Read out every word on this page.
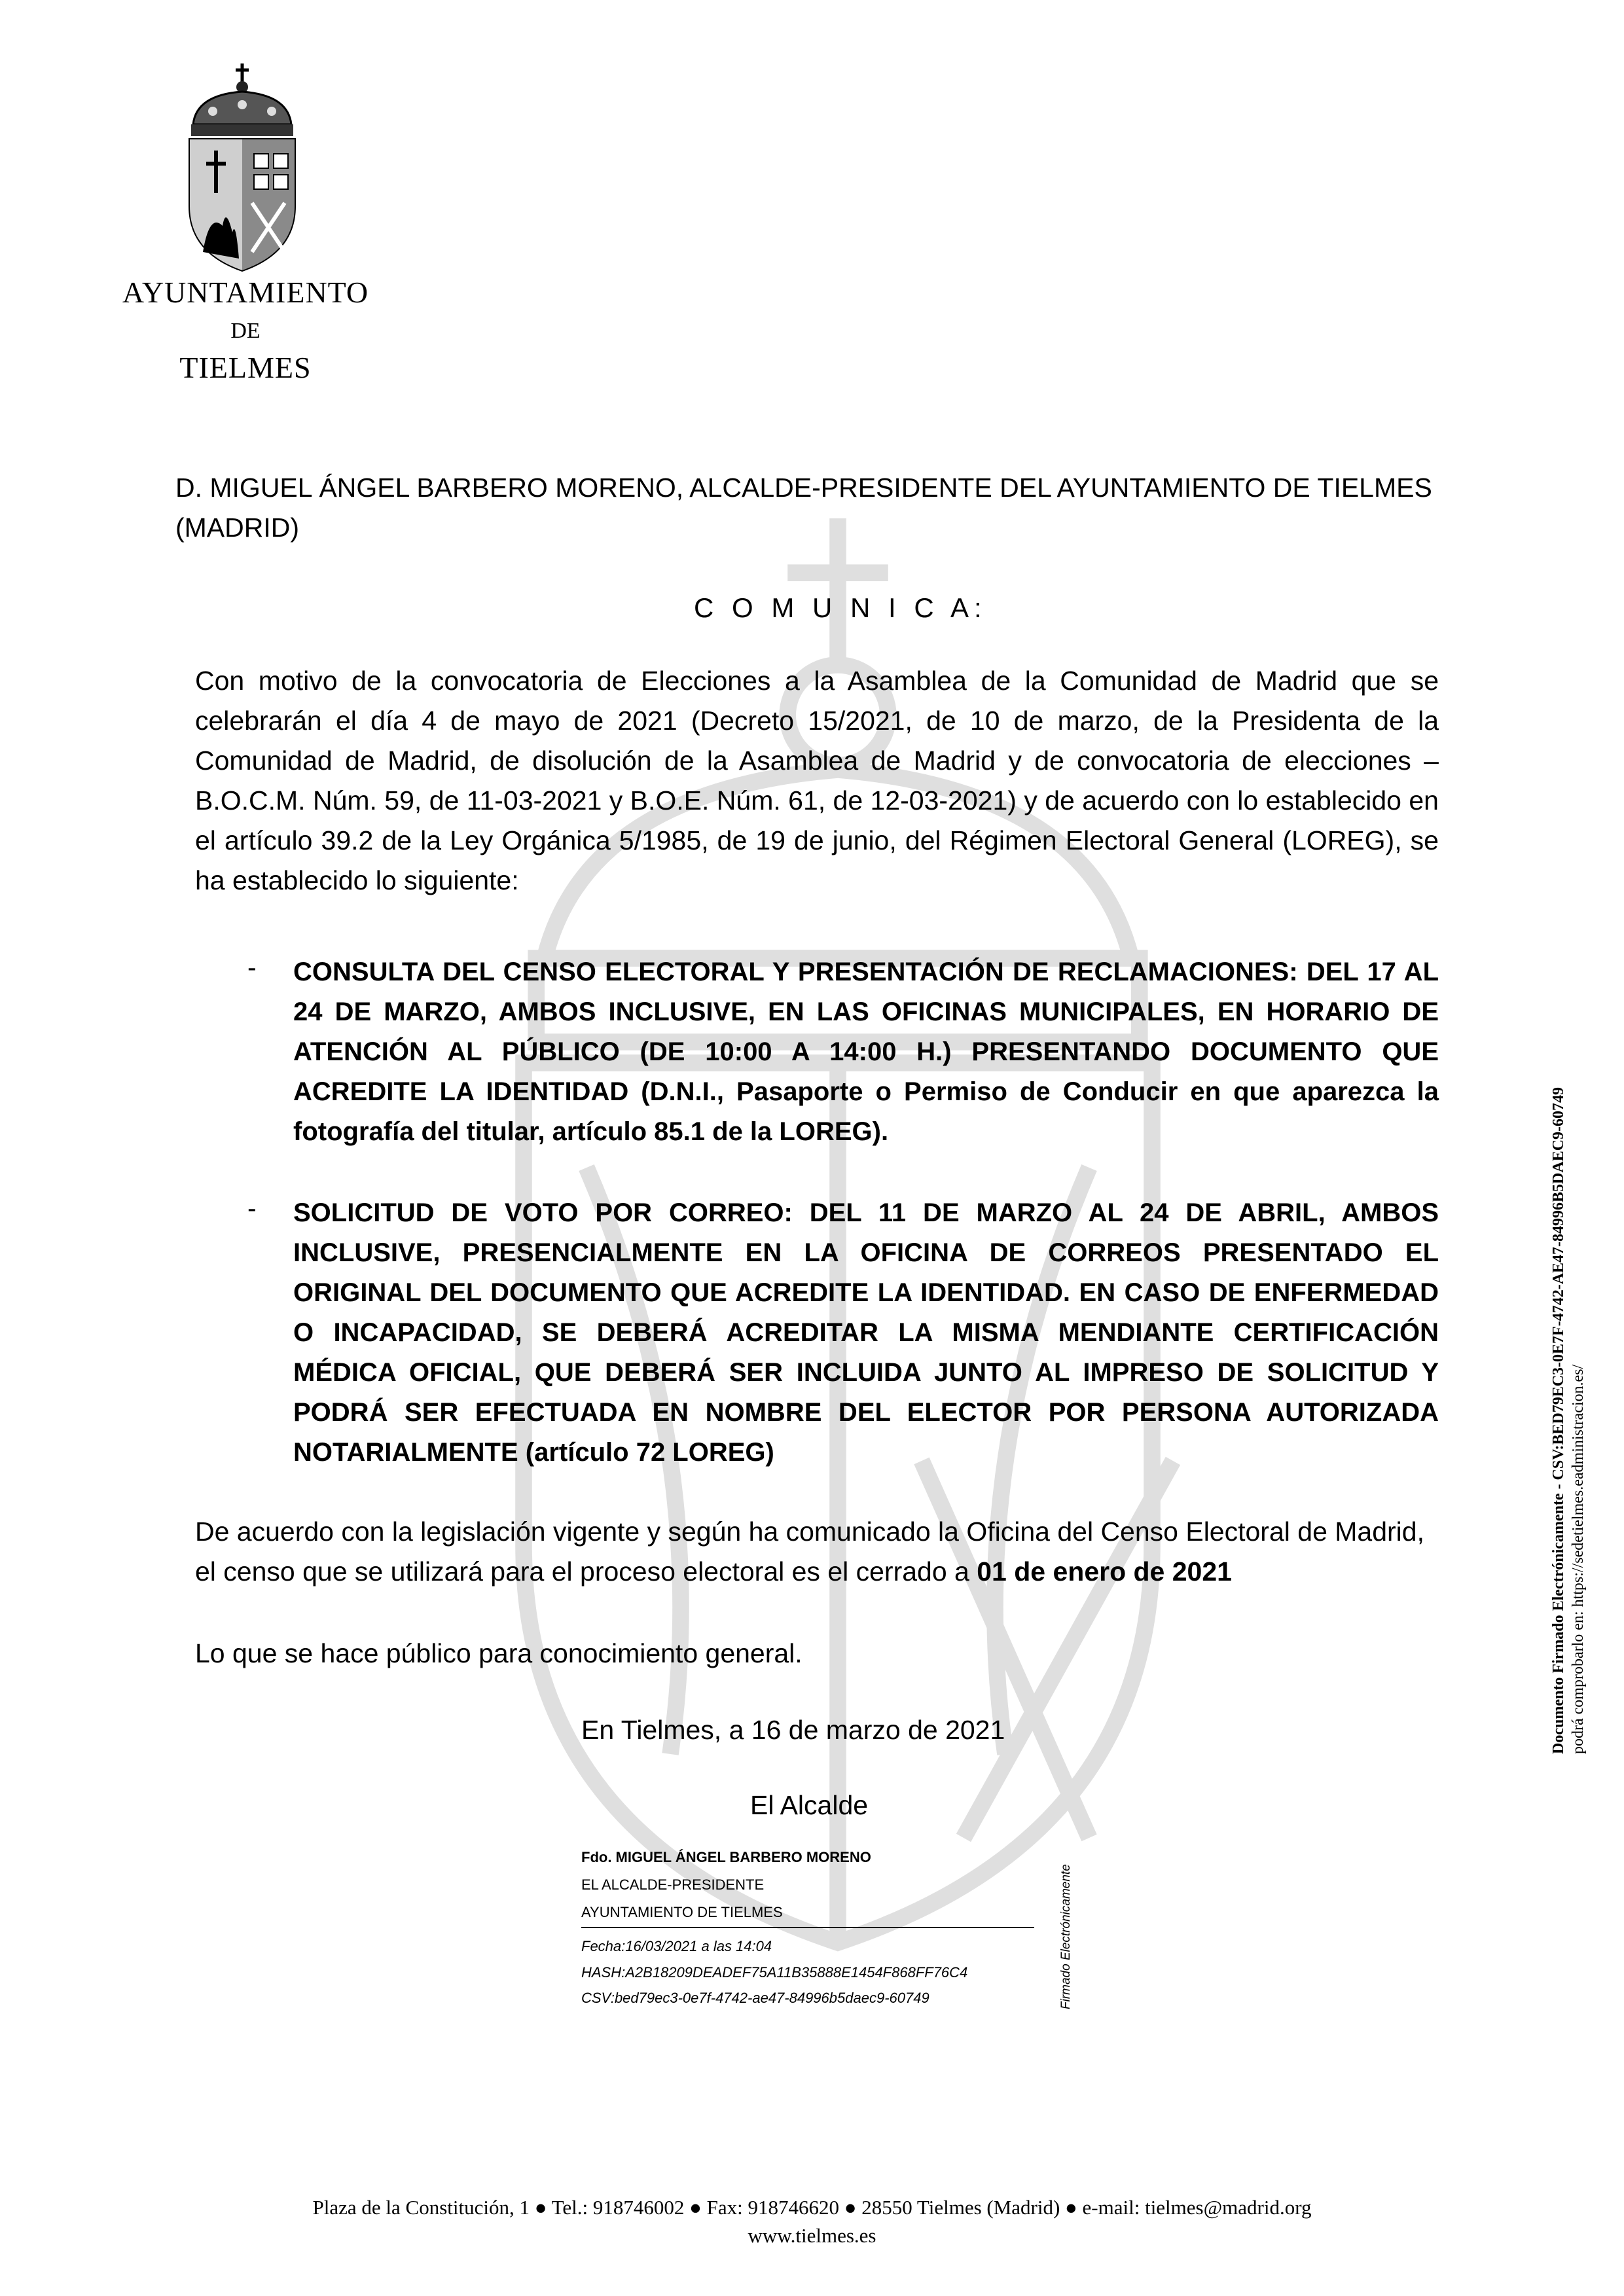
AYUNTAMIENTO
DE
TIELMES
D. MIGUEL ÁNGEL BARBERO MORENO, ALCALDE-PRESIDENTE DEL AYUNTAMIENTO DE TIELMES (MADRID)
C O M U N I C A:
Con motivo de la convocatoria de Elecciones a la Asamblea de la Comunidad de Madrid que se celebrarán el día 4 de mayo de 2021 (Decreto 15/2021, de 10 de marzo, de la Presidenta de la Comunidad de Madrid, de disolución de la Asamblea de Madrid y de convocatoria de elecciones – B.O.C.M. Núm. 59, de 11-03-2021 y B.O.E. Núm. 61, de 12-03-2021) y de acuerdo con lo establecido en el artículo 39.2 de la Ley Orgánica 5/1985, de 19 de junio, del Régimen Electoral General (LOREG), se ha establecido lo siguiente:
- CONSULTA DEL CENSO ELECTORAL Y PRESENTACIÓN DE RECLAMACIONES: DEL 17 AL 24 DE MARZO, AMBOS INCLUSIVE, EN LAS OFICINAS MUNICIPALES, EN HORARIO DE ATENCIÓN AL PÚBLICO (DE 10:00 A 14:00 H.) PRESENTANDO DOCUMENTO QUE ACREDITE LA IDENTIDAD (D.N.I., Pasaporte o Permiso de Conducir en que aparezca la fotografía del titular, artículo 85.1 de la LOREG).
- SOLICITUD DE VOTO POR CORREO: DEL 11 DE MARZO AL 24 DE ABRIL, AMBOS INCLUSIVE, PRESENCIALMENTE EN LA OFICINA DE CORREOS PRESENTADO EL ORIGINAL DEL DOCUMENTO QUE ACREDITE LA IDENTIDAD. EN CASO DE ENFERMEDAD O INCAPACIDAD, SE DEBERÁ ACREDITAR LA MISMA MENDIANTE CERTIFICACIÓN MÉDICA OFICIAL, QUE DEBERÁ SER INCLUIDA JUNTO AL IMPRESO DE SOLICITUD Y PODRÁ SER EFECTUADA EN NOMBRE DEL ELECTOR POR PERSONA AUTORIZADA NOTARIALMENTE (artículo 72 LOREG)
De acuerdo con la legislación vigente y según ha comunicado la Oficina del Censo Electoral de Madrid, el censo que se utilizará para el proceso electoral es el cerrado a 01 de enero de 2021
Lo que se hace público para conocimiento general.
En Tielmes, a 16 de marzo de 2021
El Alcalde
Fdo. MIGUEL ÁNGEL BARBERO MORENO
EL ALCALDE-PRESIDENTE
AYUNTAMIENTO DE TIELMES
Fecha:16/03/2021 a las 14:04
HASH:A2B18209DEADEF75A11B35888E1454F868FF76C4
CSV:bed79ec3-0e7f-4742-ae47-84996b5daec9-60749	Firmado Electrónicamente
Documento Firmado Electrónicamente - CSV:BED79EC3-0E7F-4742-AE47-84996B5DAEC9-60749 podrá comprobarlo en: https://sedetielmes.eadministracion.es/
Plaza de la Constitución, 1 ● Tel.: 918746002 ● Fax: 918746620 ● 28550 Tielmes (Madrid) ● e-mail: tielmes@madrid.org
www.tielmes.es
